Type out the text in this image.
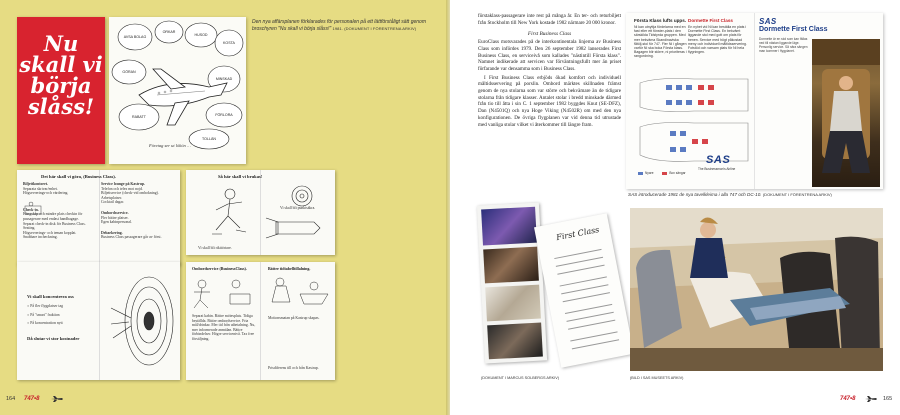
Nu
skall vi
börja
slåss!
AVSA BOLAG
ORKAR
HUSOD
KOSTA
GÖRAN
MINSKAD
RABATT	FÖRLORA
TOLLÄN
Företag ser ut lökön …
Den nya affärsplanen förklarades för personalen på ett lättförståligt sätt genom broschyren "Nu skall vi börja slåss!" 1981. (DOKUMENT I FÖRENTRENA ARKIV)
Det här skall vi göra, (Business Class).
Biljettkontoret.
Separata skrivar/enhet.
Högsevrerings-och värdering.
Check-in.
Hängskåp och mindre plats checkin för passagerare med endast handbagage.
Separat check-in disk för Business Class.
Seating.
Högsevrerings- och teman kopplat.
Snabbare incheckning.
Service lounge på Kastrup.
Telefon och telex mot nojd.
Biljettservice (check-vid ombokning).
Arbetsplatser.
Cocktail dagar.
Ombordsservice.
Fler bättre platser.
Egen kabinpersonal.
Debarkering.
Business Class passagerare går av först.
Så här skall vi brukas!
Vi skall bli rikttörtare.
Vi skall bli punktsäkra.
Vi skall koncentrera oss
○ På fler flygplatser tag
○ På "smart" fraktion
○ På koncentration nytt
Då slutar vi stor kostnader
Ombordservice (BusinessClass).	Bättre tidtabelltillalning.
Separat kabin. Bättre mötesplats. Tidiga beställda. Bättre ombordservice. Fria mål/drinkar. Mer tid från utbetalning. Nu, mer informerade anmälan. Bättre förbindelser. Högre servicenivå. Tax free försäljning.
Motionsmatan på Kastrup skapas.
Prisdiferens till och från Kastrup.
164 747•8

förstaklass-passagerare inte rest på många år. En ter- och returbiljett från Stockholm till New York kostade 1982 närmare 20 000 kronor.

First Business Class

EuroClass motsvarades på de interkontinentala linjerna av Business Class som infördes 1979. Den 26 september 1982 lanserades First Business Class, en serviceivå som kallades "nästintill Första klass". Namnet indikerade att servicen var förväntningsfullt mer än priset förfarande var densamma som i Business Class.

I First Business Class erbjöds ökad komfort och individuell måltidsservering på porslin. Ombord märktes skillnaden främst genom de nya stolarna som var större och bekvämare än de tidigare stolarna från tidigare klasser. Antalet stolar i bredd minskade därmed från tio till åtta i sin C. 1 september 1982 byggdes Knut (SE-DFZ), Dan (N4501Q) och nya Hoge Viking (N4502R) om med den nya konfigurationen. De övriga flygplanen var vid denna tid utrustade med vanliga stolar vilket vi återkommer till längre fram.

Första Klass lufts upps.
Ni kan utnyttja fördelarna med en fast eller ett fönster-plats i den särskilda Tidstyrda gruppen. Med mer bekväma Skandinaviska fåtölj-stol för 747. Fler Ni i gången varför Ni ska boka Första klass. Bagagen blir större, ni prioriteras i rangordning.
Dormette First Class
En nyhet vid Ni kan beställa en plats i Dormette First Class. En bekvämt liggande stol med gott om plats för benen. Service med högt påkostad meny och individuell måltidsservering. Fotstöd och varsam plats för Ni hela flygningen.
Nyare	Box sängar
SAS
The Businessman's Airline
SAS
Dormette First Class
Dormette är en stol som kan fällas ned till nästan liggande läge. Personlig service. Så nära sängen man kommer i flygplanet.
SAS introducerade 1981 de nya tavelkleima i alla 747 och DC-10. (DOKUMENT I FÖRENTRENA ARKIV)
First Class
(DOKUMENT I MARCUS SOLBERGS ARKIV)	(BILD I SAS MUSEETS ARKIV)
747•8	165
